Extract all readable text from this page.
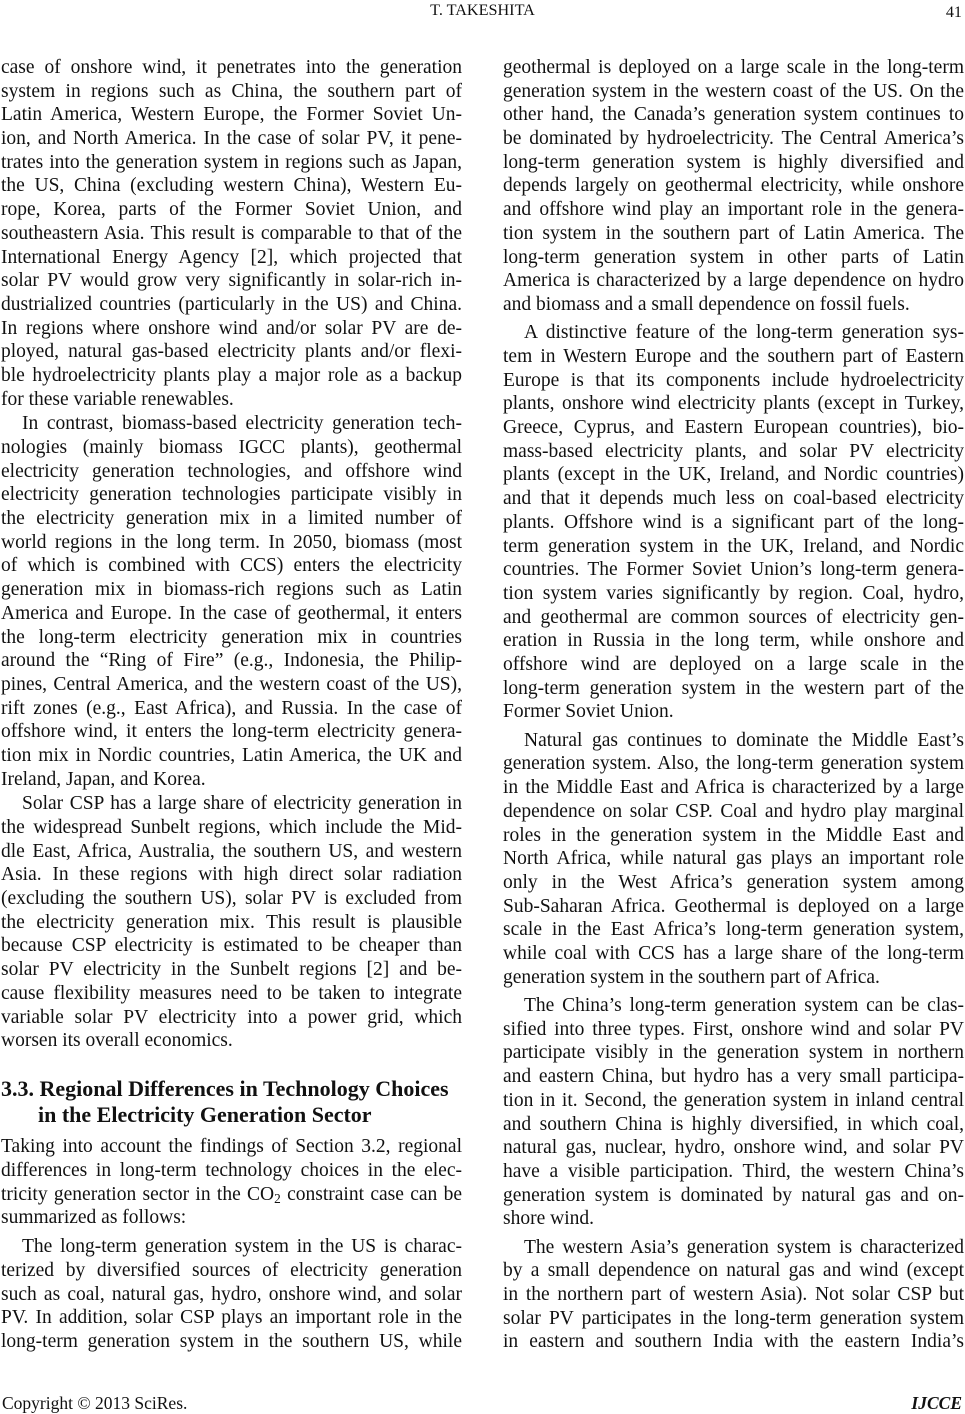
T. TAKESHITA	41
case of onshore wind, it penetrates into the generation
system in regions such as China, the southern part of
Latin America, Western Europe, the Former Soviet Un-
ion, and North America. In the case of solar PV, it pene-
trates into the generation system in regions such as Japan,
the US, China (excluding western China), Western Eu-
rope, Korea, parts of the Former Soviet Union, and
southeastern Asia. This result is comparable to that of the
International Energy Agency [2], which projected that
solar PV would grow very significantly in solar-rich in-
dustrialized countries (particularly in the US) and China.
In regions where onshore wind and/or solar PV are de-
ployed, natural gas-based electricity plants and/or flexi-
ble hydroelectricity plants play a major role as a backup
for these variable renewables.
In contrast, biomass-based electricity generation tech-
nologies (mainly biomass IGCC plants), geothermal
electricity generation technologies, and offshore wind
electricity generation technologies participate visibly in
the electricity generation mix in a limited number of
world regions in the long term. In 2050, biomass (most
of which is combined with CCS) enters the electricity
generation mix in biomass-rich regions such as Latin
America and Europe. In the case of geothermal, it enters
the long-term electricity generation mix in countries
around the “Ring of Fire” (e.g., Indonesia, the Philip-
pines, Central America, and the western coast of the US),
rift zones (e.g., East Africa), and Russia. In the case of
offshore wind, it enters the long-term electricity genera-
tion mix in Nordic countries, Latin America, the UK and
Ireland, Japan, and Korea.
Solar CSP has a large share of electricity generation in
the widespread Sunbelt regions, which include the Mid-
dle East, Africa, Australia, the southern US, and western
Asia. In these regions with high direct solar radiation
(excluding the southern US), solar PV is excluded from
the electricity generation mix. This result is plausible
because CSP electricity is estimated to be cheaper than
solar PV electricity in the Sunbelt regions [2] and be-
cause flexibility measures need to be taken to integrate
variable solar PV electricity into a power grid, which
worsen its overall economics.
3.3. Regional Differences in Technology Choices
in the Electricity Generation Sector
Taking into account the findings of Section 3.2, regional
differences in long-term technology choices in the elec-
tricity generation sector in the $CO_2$ constraint case can be
summarized as follows:
The long-term generation system in the US is charac-
terized by diversified sources of electricity generation
such as coal, natural gas, hydro, onshore wind, and solar
PV. In addition, solar CSP plays an important role in the
long-term generation system in the southern US, while
geothermal is deployed on a large scale in the long-term
generation system in the western coast of the US. On the
other hand, the Canada’s generation system continues to
be dominated by hydroelectricity. The Central America’s
long-term generation system is highly diversified and
depends largely on geothermal electricity, while onshore
and offshore wind play an important role in the genera-
tion system in the southern part of Latin America. The
long-term generation system in other parts of Latin
America is characterized by a large dependence on hydro
and biomass and a small dependence on fossil fuels.
A distinctive feature of the long-term generation sys-
tem in Western Europe and the southern part of Eastern
Europe is that its components include hydroelectricity
plants, onshore wind electricity plants (except in Turkey,
Greece, Cyprus, and Eastern European countries), bio-
mass-based electricity plants, and solar PV electricity
plants (except in the UK, Ireland, and Nordic countries)
and that it depends much less on coal-based electricity
plants. Offshore wind is a significant part of the long-
term generation system in the UK, Ireland, and Nordic
countries. The Former Soviet Union’s long-term genera-
tion system varies significantly by region. Coal, hydro,
and geothermal are common sources of electricity gen-
eration in Russia in the long term, while onshore and
offshore wind are deployed on a large scale in the
long-term generation system in the western part of the
Former Soviet Union.
Natural gas continues to dominate the Middle East’s
generation system. Also, the long-term generation system
in the Middle East and Africa is characterized by a large
dependence on solar CSP. Coal and hydro play marginal
roles in the generation system in the Middle East and
North Africa, while natural gas plays an important role
only in the West Africa’s generation system among
Sub-Saharan Africa. Geothermal is deployed on a large
scale in the East Africa’s long-term generation system,
while coal with CCS has a large share of the long-term
generation system in the southern part of Africa.
The China’s long-term generation system can be clas-
sified into three types. First, onshore wind and solar PV
participate visibly in the generation system in northern
and eastern China, but hydro has a very small participa-
tion in it. Second, the generation system in inland central
and southern China is highly diversified, in which coal,
natural gas, nuclear, hydro, onshore wind, and solar PV
have a visible participation. Third, the western China’s
generation system is dominated by natural gas and on-
shore wind.
The western Asia’s generation system is characterized
by a small dependence on natural gas and wind (except
in the northern part of western Asia). Not solar CSP but
solar PV participates in the long-term generation system
in eastern and southern India with the eastern India’s
Copyright © 2013 SciRes.	IJCCE
